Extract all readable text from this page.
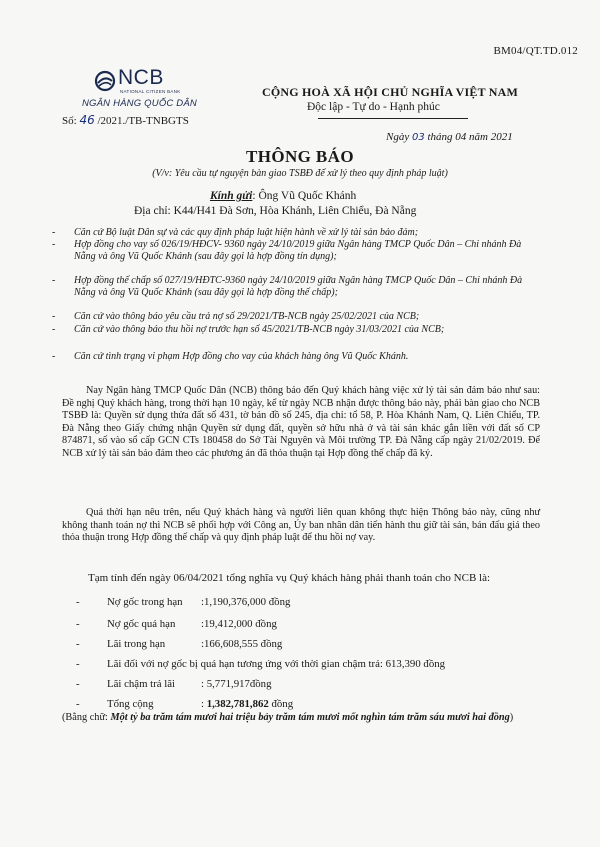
BM04/QT.TD.012
NCB
NATIONAL CITIZEN BANK
NGÂN HÀNG QUỐC DÂN
Số: 46 /2021./TB-TNBGTS
CỘNG HOÀ XÃ HỘI CHỦ NGHĨA VIỆT NAM
Độc lập - Tự do - Hạnh phúc
Ngày 03 tháng 04 năm 2021
THÔNG BÁO
(V/v: Yêu cầu tự nguyện bàn giao TSBĐ để xử lý theo quy định pháp luật)
Kính gửi: Ông Vũ Quốc Khánh
Địa chỉ: K44/H41 Đà Sơn, Hòa Khánh, Liên Chiểu, Đà Nẵng
- Căn cứ Bộ luật Dân sự và các quy định pháp luật hiện hành về xử lý tài sản bảo đảm;
- Hợp đồng cho vay số 026/19/HĐCV- 9360 ngày 24/10/2019 giữa Ngân hàng TMCP Quốc Dân – Chi nhánh Đà Nẵng và ông Vũ Quốc Khánh (sau đây gọi là hợp đồng tín dụng);
- Hợp đồng thế chấp số 027/19/HĐTC-9360 ngày 24/10/2019 giữa Ngân hàng TMCP Quốc Dân – Chi nhánh Đà Nẵng và ông Vũ Quốc Khánh (sau đây gọi là hợp đồng thế chấp);
- Căn cứ vào thông báo yêu cầu trả nợ số 29/2021/TB-NCB ngày 25/02/2021 của NCB;
- Căn cứ vào thông báo thu hồi nợ trước hạn số 45/2021/TB-NCB ngày 31/03/2021 của NCB;
- Căn cứ tình trạng vi phạm Hợp đồng cho vay của khách hàng ông Vũ Quốc Khánh.
Nay Ngân hàng TMCP Quốc Dân (NCB) thông báo đến Quý khách hàng việc xử lý tài sản đảm bảo như sau: Đề nghị Quý khách hàng, trong thời hạn 10 ngày, kể từ ngày NCB nhận được thông báo này, phải bàn giao cho NCB TSBĐ là: Quyền sử dụng thửa đất số 431, tờ bản đồ số 245, địa chỉ: tổ 58, P. Hòa Khánh Nam, Q. Liên Chiểu, TP. Đà Nẵng theo Giấy chứng nhận Quyền sử dụng đất, quyền sở hữu nhà ở và tài sản khác gắn liền với đất số CP 874871, số vào sổ cấp GCN CTs 180458 do Sở Tài Nguyên và Môi trường TP. Đà Nẵng cấp ngày 21/02/2019. Để NCB xử lý tài sản bảo đảm theo các phương án đã thỏa thuận tại Hợp đồng thế chấp đã ký.
Quá thời hạn nêu trên, nếu Quý khách hàng và người liên quan không thực hiện Thông báo này, cũng như không thanh toán nợ thì NCB sẽ phối hợp với Công an, Ủy ban nhân dân tiến hành thu giữ tài sản, bán đấu giá theo thỏa thuận trong Hợp đồng thế chấp và quy định pháp luật để thu hồi nợ vay.
Tạm tính đến ngày 06/04/2021 tổng nghĩa vụ Quý khách hàng phải thanh toán cho NCB là:
-	Nợ gốc trong hạn :1,190,376,000 đồng
-	Nợ gốc quá hạn :19,412,000 đồng
-	Lãi trong hạn	:166,608,555 đồng
-	Lãi đối với nợ gốc bị quá hạn tương ứng với thời gian chậm trả: 613,390 đồng
-	Lãi chậm trả lãi : 5,771,917đồng
-	Tổng cộng	: 1,382,781,862 đồng
(Bằng chữ: Một tỷ ba trăm tám mươi hai triệu bảy trăm tám mươi mốt nghìn tám trăm sáu mươi hai đồng)
